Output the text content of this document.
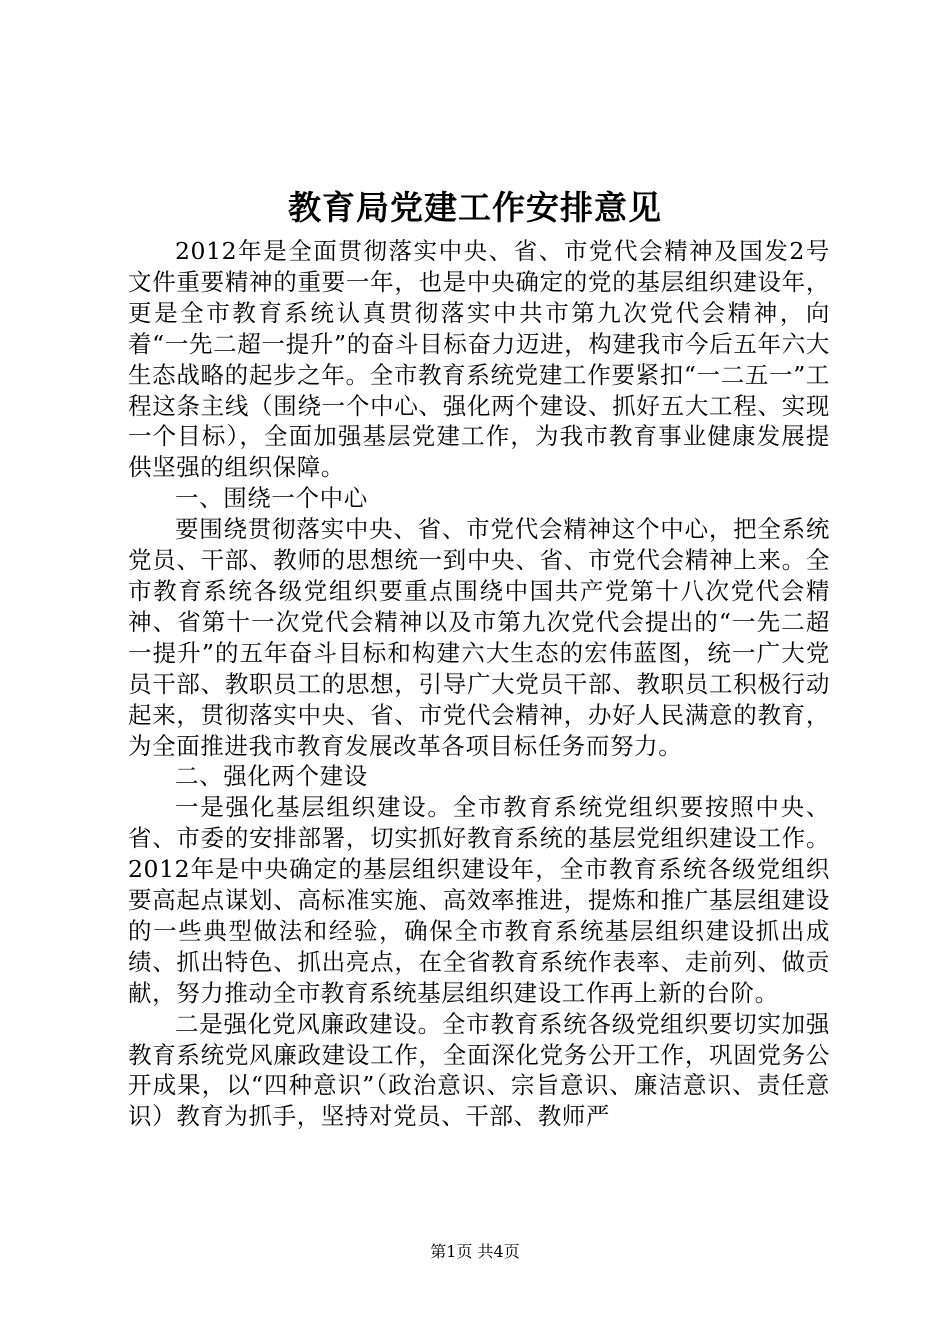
教育局党建工作安排意见

2012年是全面贯彻落实中央、省、市党代会精神及国发2号文件重要精神的重要一年，也是中央确定的党的基层组织建设年，更是全市教育系统认真贯彻落实中共市第九次党代会精神，向着“一先二超一提升”的奋斗目标奋力迈进，构建我市今后五年六大生态战略的起步之年。全市教育系统党建工作要紧扣“一二五一”工程这条主线（围绕一个中心、强化两个建设、抓好五大工程、实现一个目标），全面加强基层党建工作，为我市教育事业健康发展提供坚强的组织保障。

一、围绕一个中心

要围绕贯彻落实中央、省、市党代会精神这个中心，把全系统党员、干部、教师的思想统一到中央、省、市党代会精神上来。全市教育系统各级党组织要重点围绕中国共产党第十八次党代会精神、省第十一次党代会精神以及市第九次党代会提出的“一先二超一提升”的五年奋斗目标和构建六大生态的宏伟蓝图，统一广大党员干部、教职员工的思想，引导广大党员干部、教职员工积极行动起来，贯彻落实中央、省、市党代会精神，办好人民满意的教育，为全面推进我市教育发展改革各项目标任务而努力。

二、强化两个建设

一是强化基层组织建设。全市教育系统党组织要按照中央、省、市委的安排部署，切实抓好教育系统的基层党组织建设工作。2012年是中央确定的基层组织建设年，全市教育系统各级党组织要高起点谋划、高标准实施、高效率推进，提炼和推广基层组建设的一些典型做法和经验，确保全市教育系统基层组织建设抓出成绩、抓出特色、抓出亮点，在全省教育系统作表率、走前列、做贡献，努力推动全市教育系统基层组织建设工作再上新的台阶。

二是强化党风廉政建设。全市教育系统各级党组织要切实加强教育系统党风廉政建设工作，全面深化党务公开工作，巩固党务公开成果，以“四种意识”（政治意识、宗旨意识、廉洁意识、责任意识）教育为抓手，坚持对党员、干部、教师严

第1页 共4页
